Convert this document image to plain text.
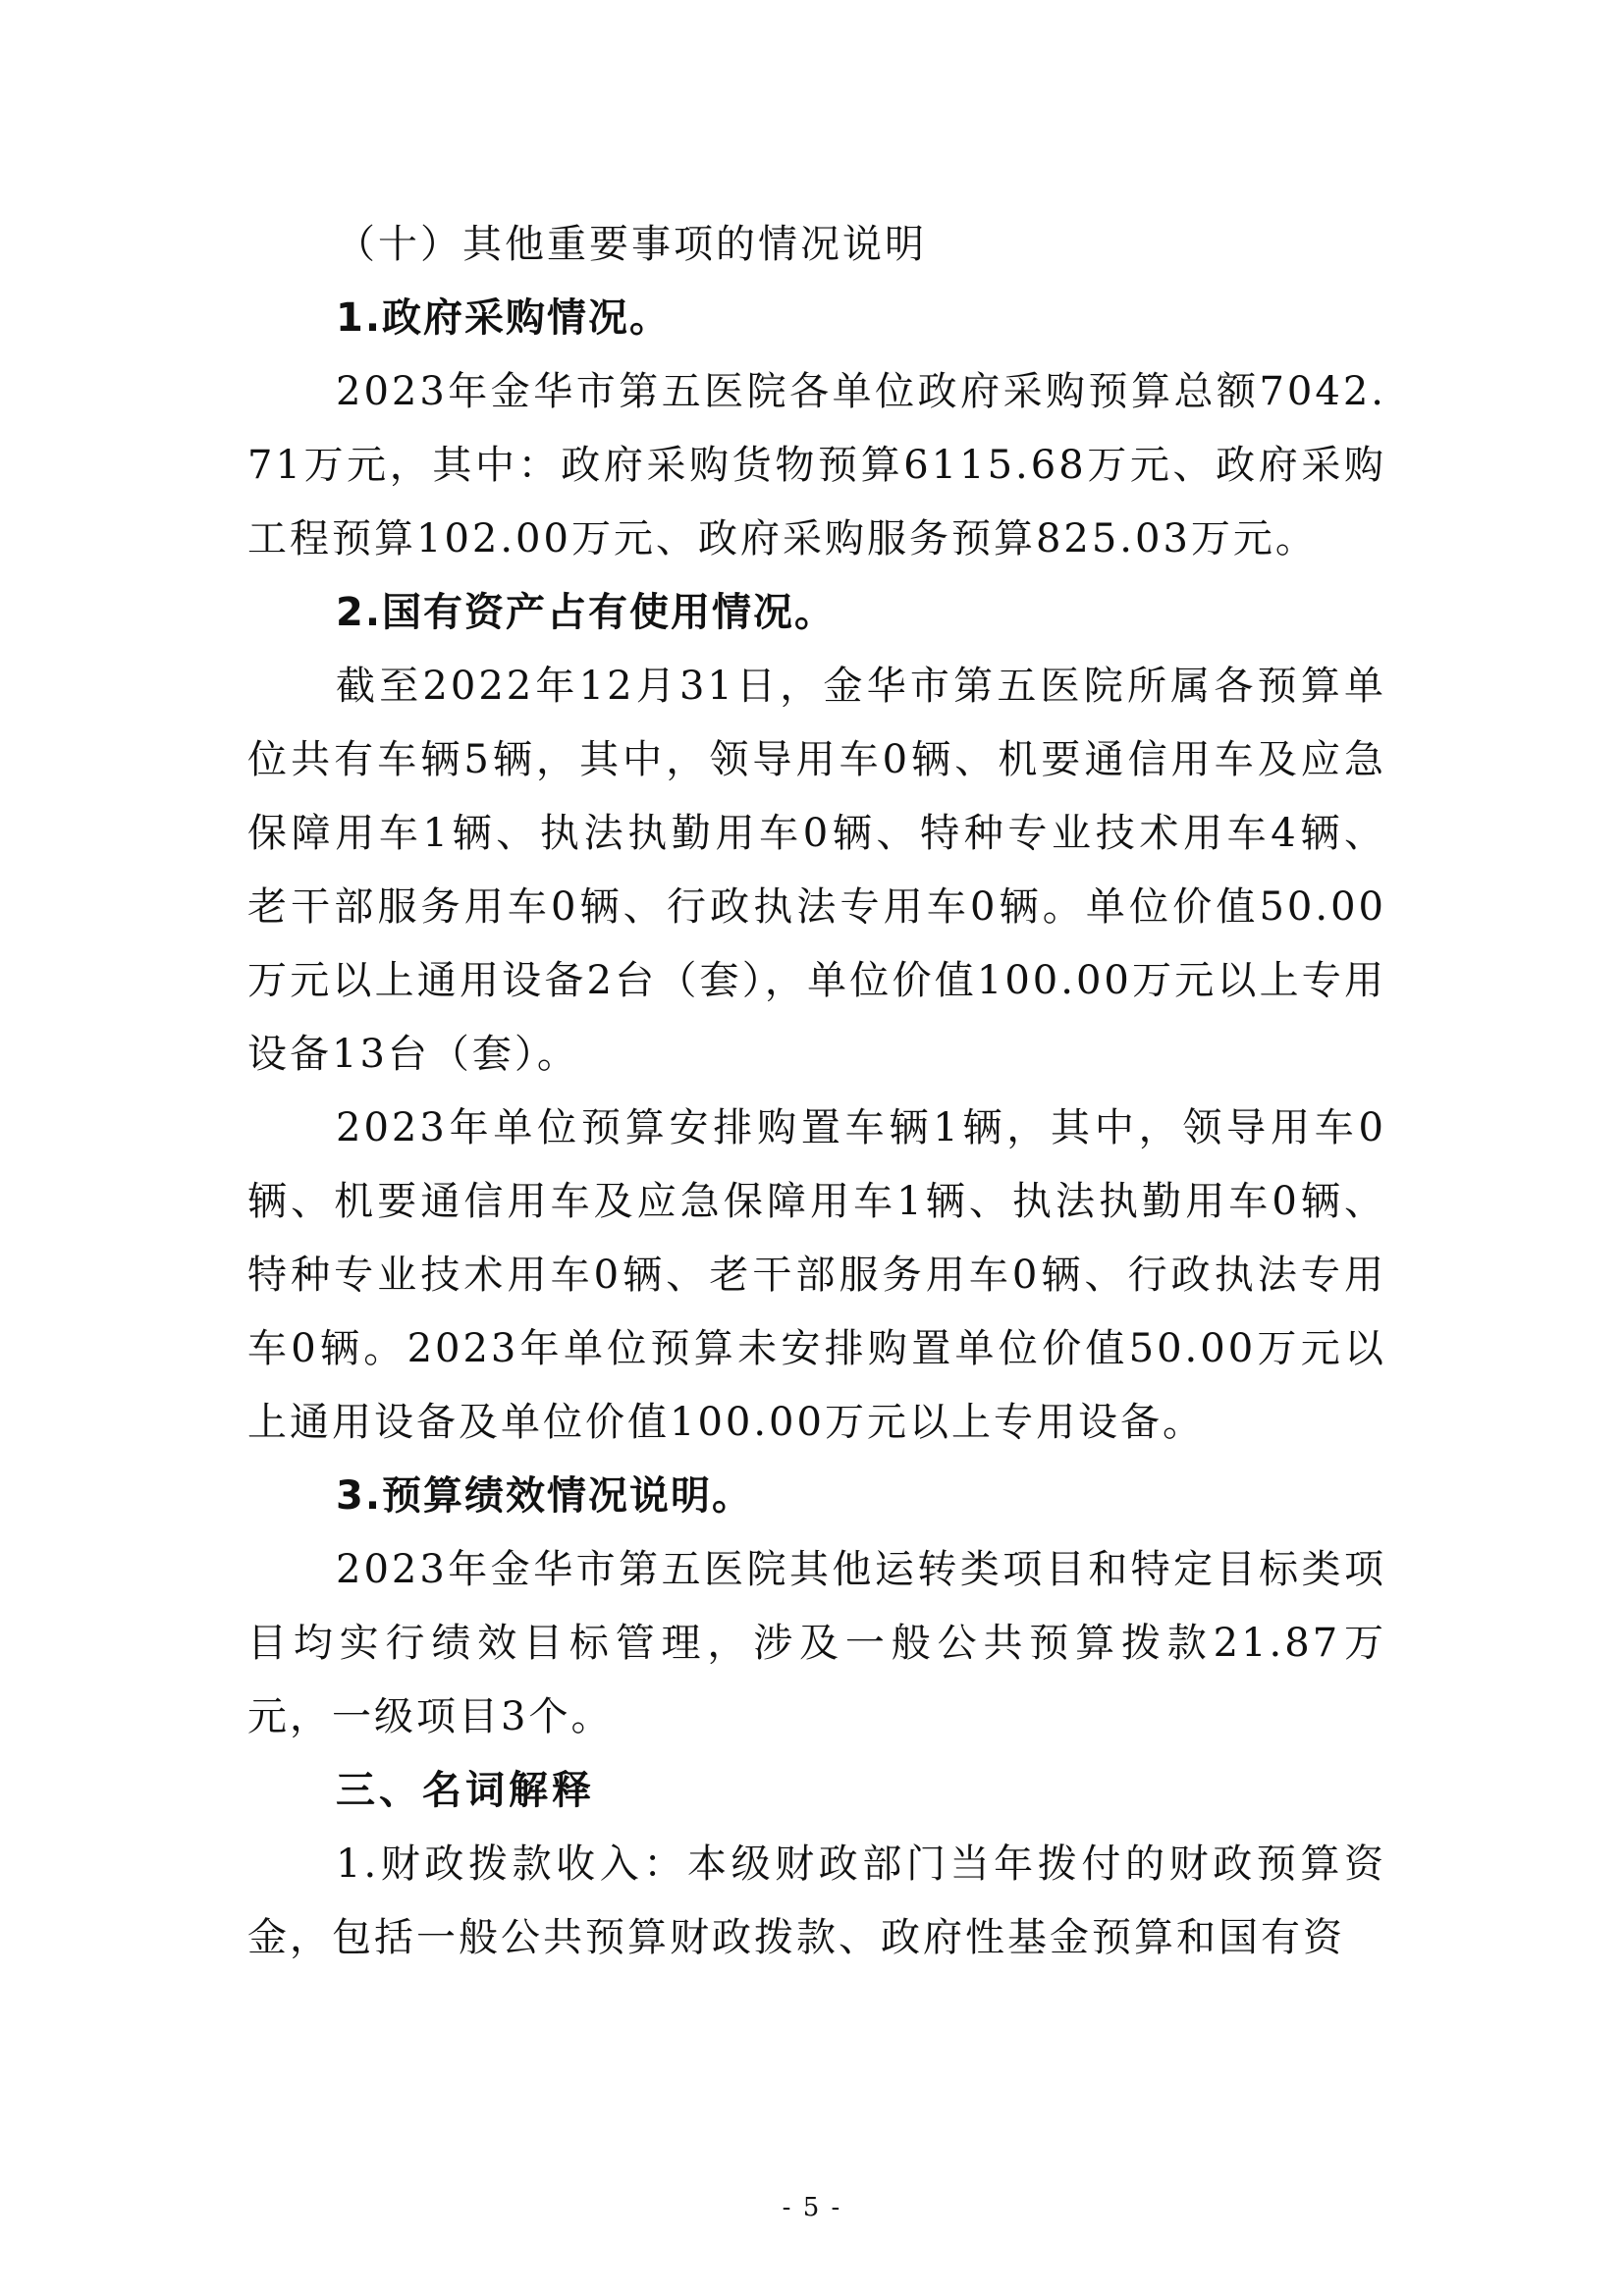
（十）其他重要事项的情况说明

1.政府采购情况。

2023年金华市第五医院各单位政府采购预算总额7042.71万元，其中：政府采购货物预算6115.68万元、政府采购工程预算102.00万元、政府采购服务预算825.03万元。

2.国有资产占有使用情况。

截至2022年12月31日，金华市第五医院所属各预算单位共有车辆5辆，其中，领导用车0辆、机要通信用车及应急保障用车1辆、执法执勤用车0辆、特种专业技术用车4辆、老干部服务用车0辆、行政执法专用车0辆。单位价值50.00万元以上通用设备2台（套），单位价值100.00万元以上专用设备13台（套）。

2023年单位预算安排购置车辆1辆，其中，领导用车0辆、机要通信用车及应急保障用车1辆、执法执勤用车0辆、特种专业技术用车0辆、老干部服务用车0辆、行政执法专用车0辆。2023年单位预算未安排购置单位价值50.00万元以上通用设备及单位价值100.00万元以上专用设备。

3.预算绩效情况说明。

2023年金华市第五医院其他运转类项目和特定目标类项目均实行绩效目标管理，涉及一般公共预算拨款21.87万元，一级项目3个。

三、名词解释

1.财政拨款收入：本级财政部门当年拨付的财政预算资金，包括一般公共预算财政拨款、政府性基金预算和国有资

- 5 -
